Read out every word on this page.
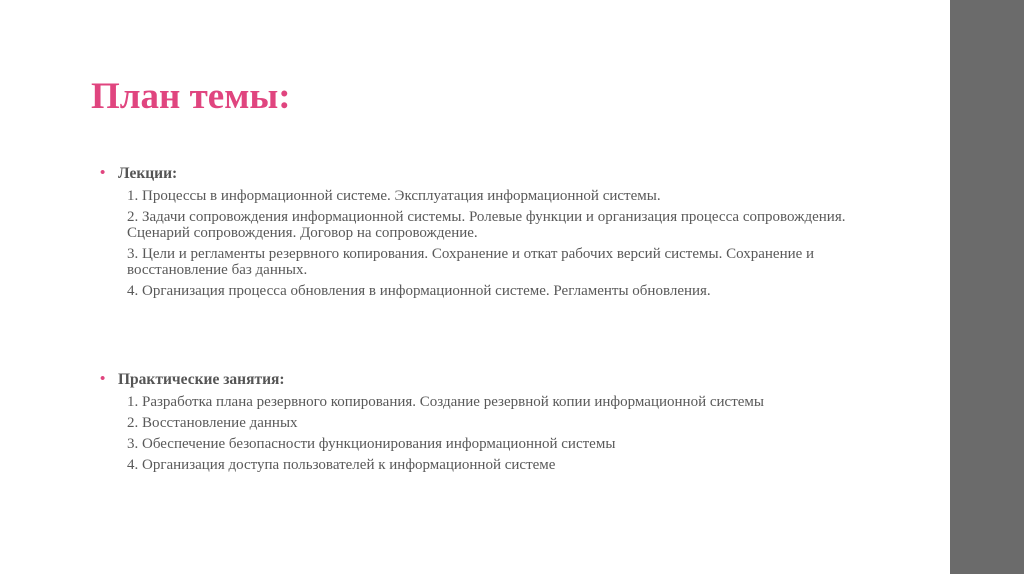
План темы:
• Лекции:
1. Процессы в информационной системе. Эксплуатация информационной системы.
2. Задачи сопровождения информационной системы. Ролевые функции и организация процесса сопровождения. Сценарий сопровождения. Договор на сопровождение.
3. Цели и регламенты резервного копирования. Сохранение и откат рабочих версий системы. Сохранение и восстановление баз данных.
4. Организация процесса обновления в информационной системе. Регламенты обновления.
• Практические занятия:
1. Разработка плана резервного копирования. Создание резервной копии информационной системы
2. Восстановление данных
3. Обеспечение безопасности функционирования информационной системы
4. Организация доступа пользователей к информационной системе
